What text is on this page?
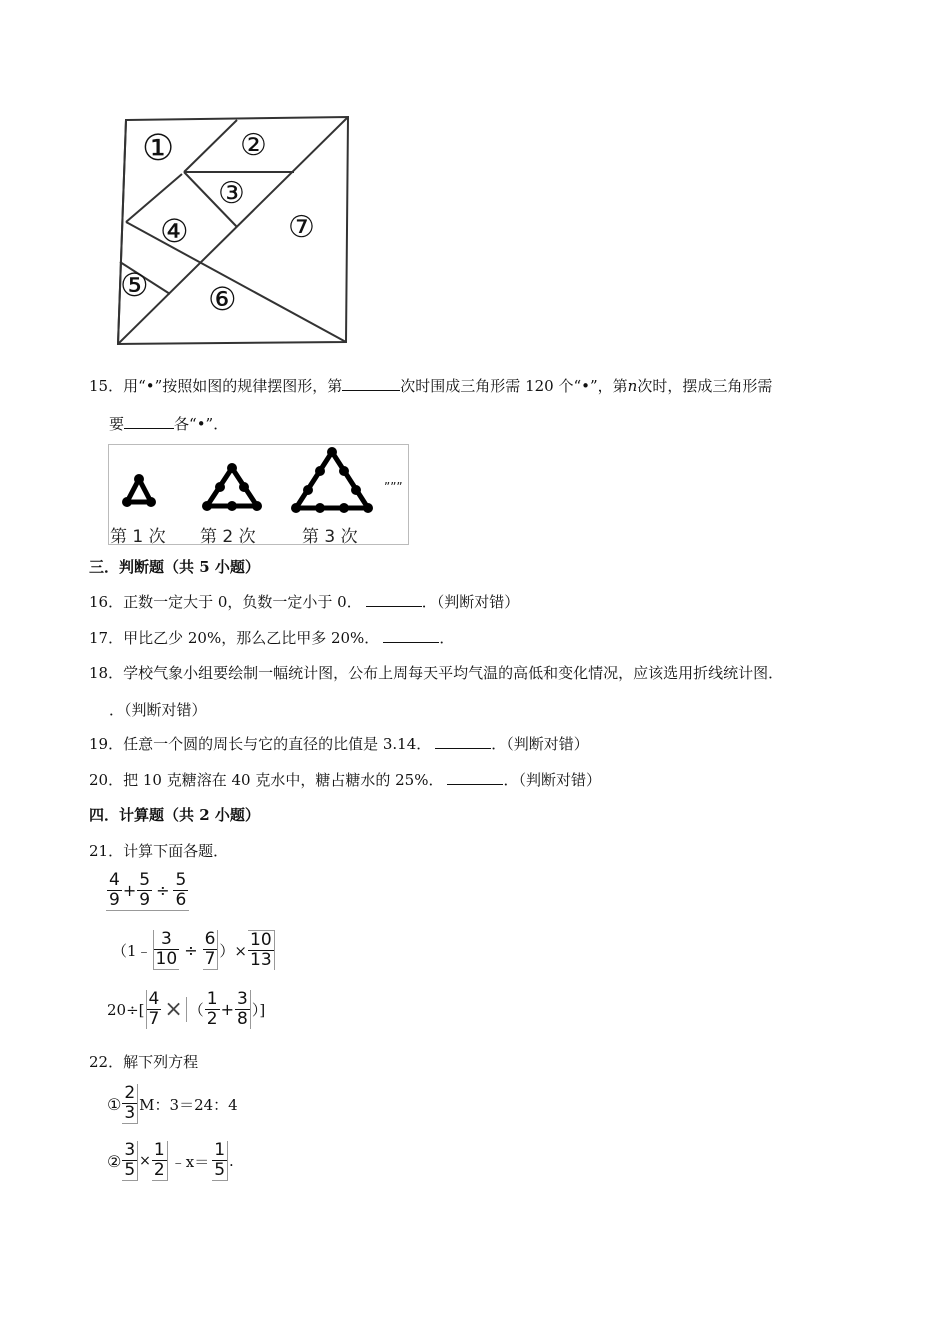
① ②
③
④	⑦
⑤ ⑥
15．用“•”按照如图的规律摆图形，第	次时围成三角形需 120 个“•”，第n次时，摆成三角形需
要	各“•”．
”””
第 1 次 第 2 次	第 3 次
三．判断题（共 5 小题）
16．正数一定大于 0，负数一定小于 0．	．（判断对错）
17．甲比乙少 20%，那么乙比甲多 20%．	．
18．学校气象小组要绘制一幅统计图，公布上周每天平均气温的高低和变化情况，应该选用折线统计图．
．（判断对错）
19．任意一个圆的周长与它的直径的比值是 3.14．	．（判断对错）
20．把 10 克糖溶在 40 克水中，糖占糖水的 25%．	．（判断对错）
四．计算题（共 2 小题）
21．计算下面各题．
$\frac{4}{9} + \frac{5}{9} \div \frac{5}{6}$
（1﹣ $\frac{3}{10} \div \frac{6}{7}$ ）× $\frac{10}{13}$
$20\div[ \frac{4}{7}$ × （ $\frac{1}{2} + \frac{3}{8}$ ）]
22．解下列方程
① $\frac{2}{3}$ M：3＝24：4
② $\frac{3}{5} \times \frac{1}{2}$ ﹣x＝ $\frac{1}{5}$ .
